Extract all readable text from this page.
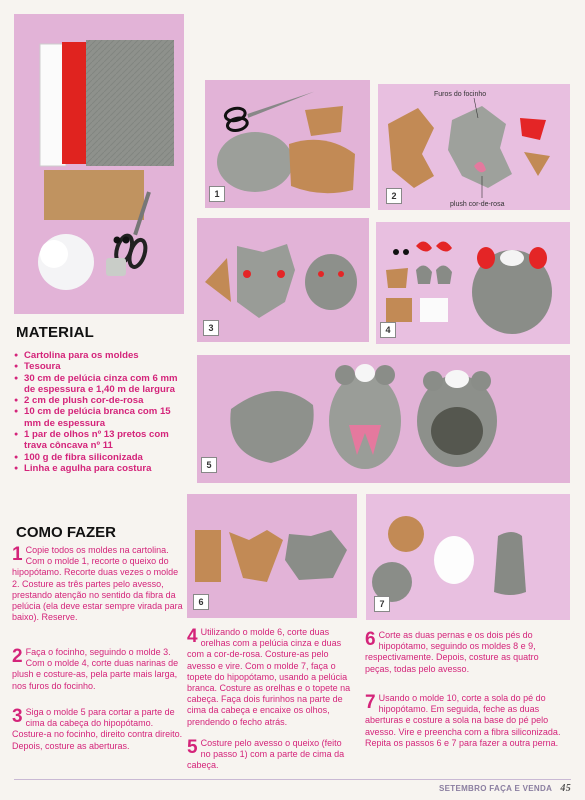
1
Furos do focinho
plush cor-de-rosa
2
3	4
5
6	7
MATERIAL
● Cartolina para os moldes
● Tesoura
● 30 cm de pelúcia cinza com 6 mm de espessura e 1,40 m de largura
● 2 cm de plush cor-de-rosa
● 10 cm de pelúcia branca com 15 mm de espessura
● 1 par de olhos nº 13 pretos com trava côncava nº 11
● 100 g de fibra siliconizada
● Linha e agulha para costura
COMO FAZER
1 Copie todos os moldes na cartolina. Com o molde 1, recorte o queixo do hipopótamo. Recorte duas vezes o molde 2. Costure as três partes pelo avesso, prestando atenção no sentido da fibra da pelúcia (ela deve estar sempre virada para baixo). Reserve.
2 Faça o focinho, seguindo o molde 3. Com o molde 4, corte duas narinas de plush e costure-as, pela parte mais larga, nos furos do focinho.
3 Siga o molde 5 para cortar a parte de cima da cabeça do hipopótamo. Costure-a no focinho, direito contra direito. Depois, costure as aberturas.
4 Utilizando o molde 6, corte duas orelhas com a pelúcia cinza e duas com a cor-de-rosa. Costure-as pelo avesso e vire. Com o molde 7, faça o topete do hipopótamo, usando a pelúcia branca. Costure as orelhas e o topete na cabeça. Faça dois furinhos na parte de cima da cabeça e encaixe os olhos, prendendo o fecho atrás.
5 Costure pelo avesso o queixo (feito no passo 1) com a parte de cima da cabeça.
6 Corte as duas pernas e os dois pés do hipopótamo, seguindo os moldes 8 e 9, respectivamente. Depois, costure as quatro peças, todas pelo avesso.
7 Usando o molde 10, corte a sola do pé do hipopótamo. Em seguida, feche as duas aberturas e costure a sola na base do pé pelo avesso. Vire e preencha com a fibra siliconizada. Repita os passos 6 e 7 para fazer a outra perna.
SETEMBRO FAÇA E VENDA 45
